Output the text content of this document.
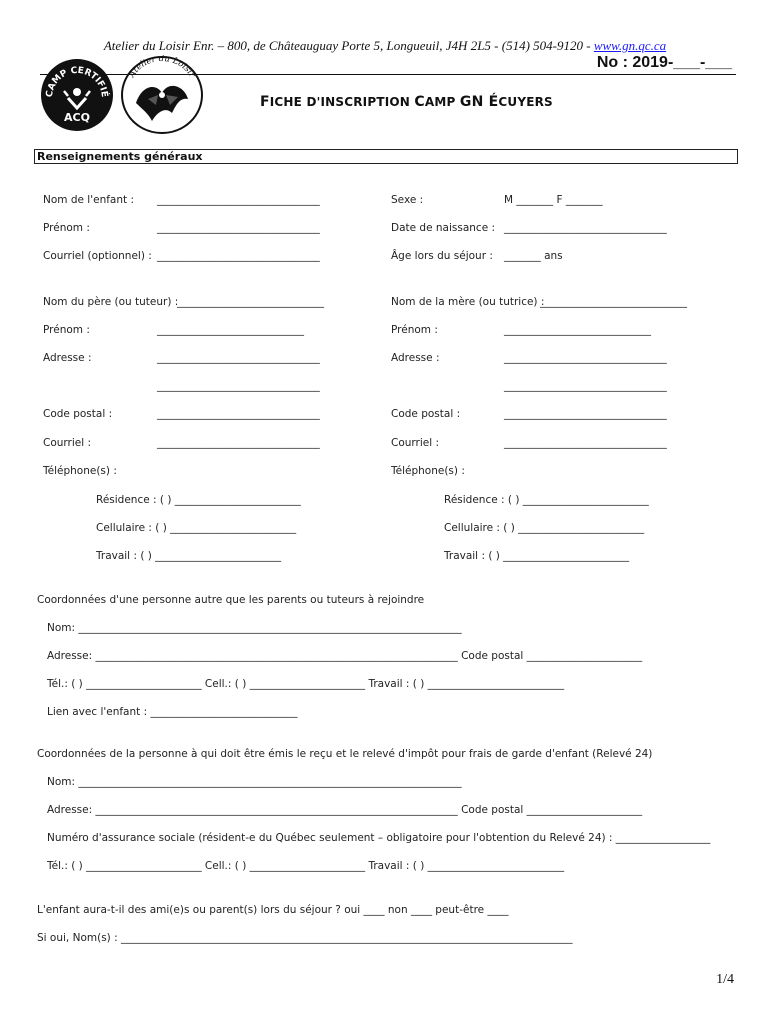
Atelier du Loisir Enr. – 800, de Châteauguay Porte 5, Longueuil, J4H 2L5 - (514) 504-9120 - www.gn.qc.ca
No : 2019-___-___
CAMP CERTIFIÉ
ACQ
Atelier du Loisir
FICHE D'INSCRIPTION CAMP GN ÉCUYERS
Renseignements généraux
Nom de l'enfant : _______________________________
Prénom :	_______________________________
Courriel (optionnel) : _______________________________
Sexe :	M _______ F _______
Date de naissance : _______________________________
Âge lors du séjour : _______ ans
Nom du père (ou tuteur) :
____________________________
Prénom :	____________________________
Adresse :	_______________________________
_______________________________
Code postal :	_______________________________
Courriel :	_______________________________
Téléphone(s) :
Résidence : ( ) ________________________
Cellulaire : ( ) ________________________
Travail : ( ) ________________________
Nom de la mère (ou tutrice) :
____________________________
Prénom :	____________________________
Adresse :	_______________________________
_______________________________
Code postal :	_______________________________
Courriel :	_______________________________
Téléphone(s) :
Résidence : ( ) ________________________
Cellulaire : ( ) ________________________
Travail : ( ) ________________________
Coordonnées d'une personne autre que les parents ou tuteurs à rejoindre
Nom: _________________________________________________________________________
Adresse: _____________________________________________________________________ Code postal ______________________
Tél.: ( ) ______________________ Cell.: ( ) ______________________ Travail : ( ) __________________________
Lien avec l'enfant : ____________________________
Coordonnées de la personne à qui doit être émis le reçu et le relevé d'impôt pour frais de garde d'enfant (Relevé 24)
Nom: _________________________________________________________________________
Adresse: _____________________________________________________________________ Code postal ______________________
Numéro d'assurance sociale (résident-e du Québec seulement – obligatoire pour l'obtention du Relevé 24) : __________________
Tél.: ( ) ______________________ Cell.: ( ) ______________________ Travail : ( ) __________________________
L'enfant aura-t-il des ami(e)s ou parent(s) lors du séjour ? oui ____ non ____ peut-être ____
Si oui, Nom(s) : ______________________________________________________________________________________
1/4
